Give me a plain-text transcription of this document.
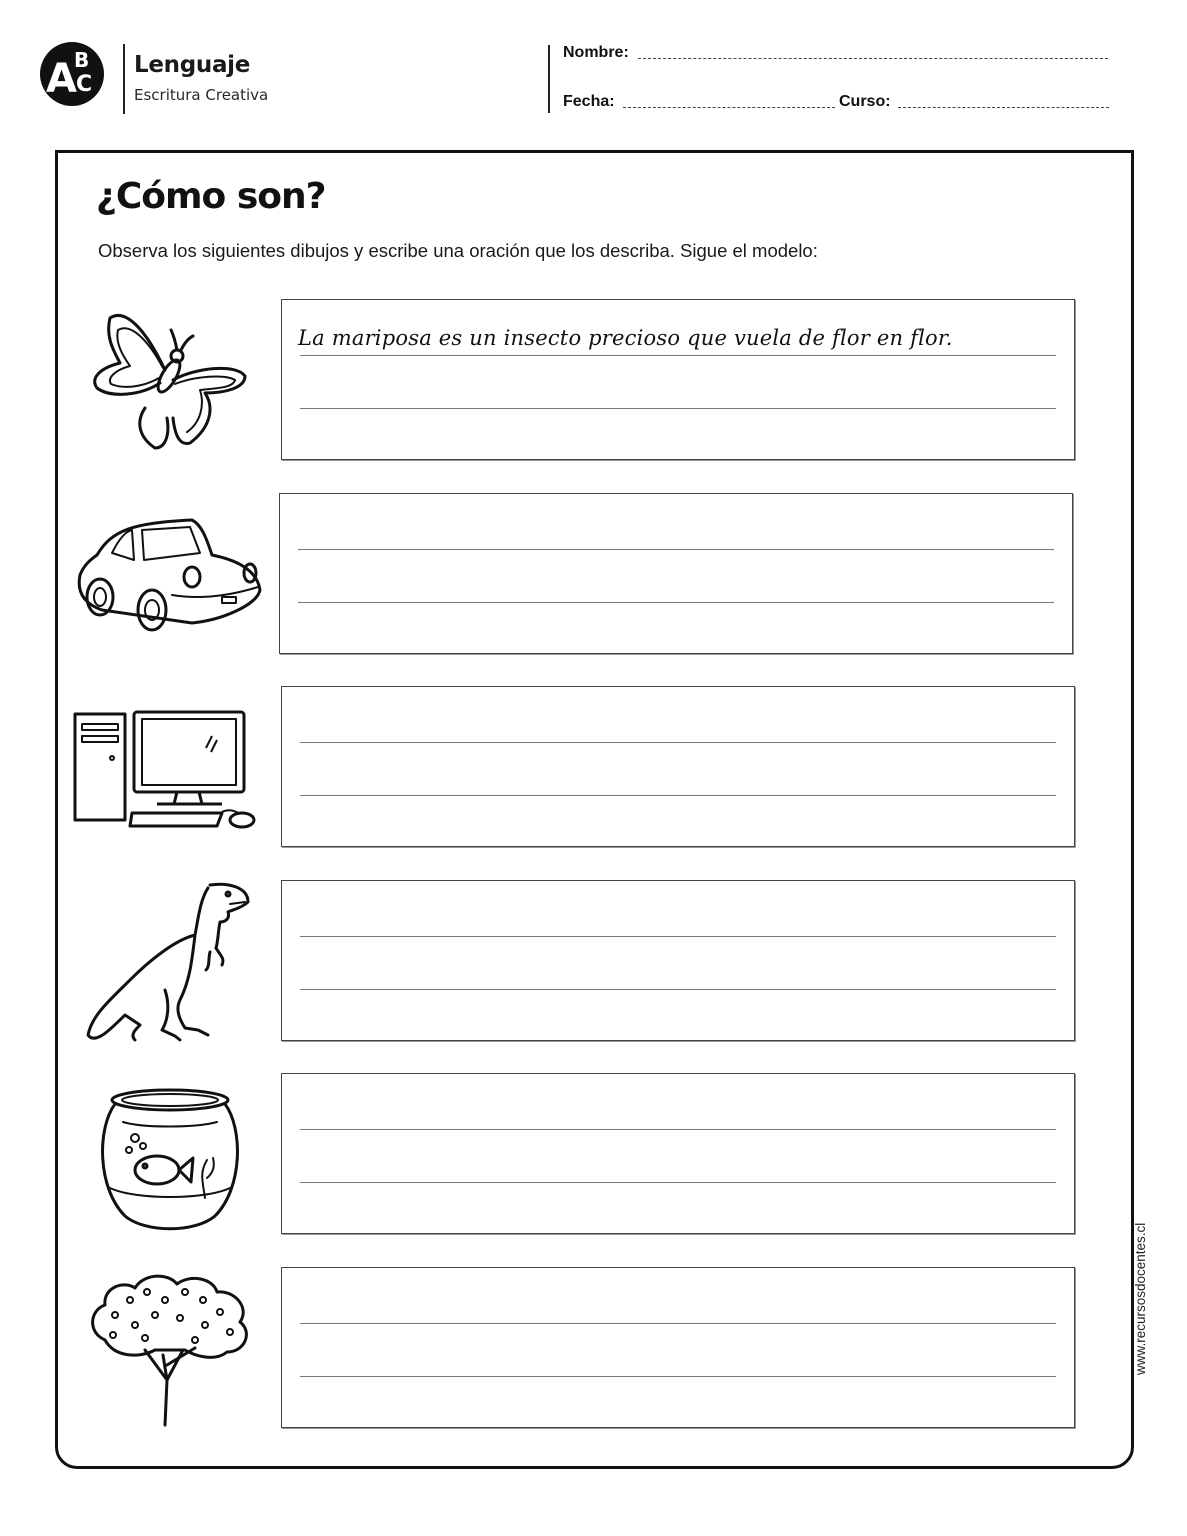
A
B
C
Lenguaje
Escritura Creativa
Nombre:
Fecha:	Curso:
¿Cómo son?
Observa los siguientes dibujos y escribe una oración que los describa. Sigue el modelo:
La mariposa es un insecto precioso que vuela de flor en flor.
www.recursosdocentes.cl
